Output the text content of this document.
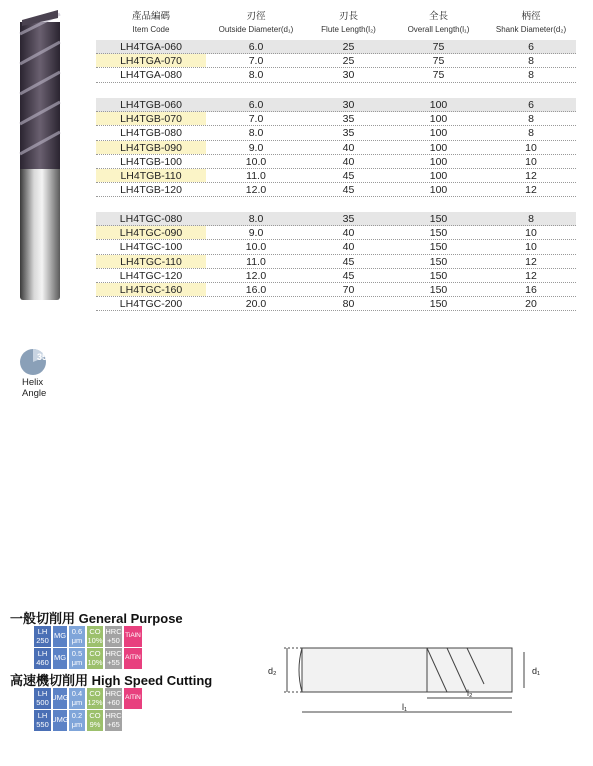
產品編碼	刃徑	刃長	全長	柄徑
Item Code	Outside Diameter(d₁)	Flute Length(l₂)	Overall Length(l₁)	Shank Diameter(d₂)
LH4TGA-060	6.0	25	75	6
LH4TGA-070	7.0	25	75	8
LH4TGA-080	8.0	30	75	8
LH4TGB-060	6.0	30	100	6
LH4TGB-070	7.0	35	100	8
LH4TGB-080	8.0	35	100	8
LH4TGB-090	9.0	40	100	10
LH4TGB-100	10.0	40	100	10
LH4TGB-110	11.0	45	100	12
LH4TGB-120	12.0	45	100	12
LH4TGC-080	8.0	35	150	8
LH4TGC-090	9.0	40	150	10
LH4TGC-100	10.0	40	150	10
LH4TGC-110	11.0	45	150	12
LH4TGC-120	12.0	45	150	12
LH4TGC-160	16.0	70	150	16
LH4TGC-200	20.0	80	150	20
35°
Helix
Angle
一般切削用 General Purpose
LH
250 MG 0.6
μm
CO
10%
HRC
+50 TiAlN
LH
460 MG 0.5
μm
CO
10%
HRC
+55 AlTiN
高速機切削用 High Speed Cutting
LH
500 UMG 0.4
μm
CO
12%
HRC
+60 AlTiN
LH
550 UMG 0.2
μm
CO
9%
HRC
+65
d₂	d₁
l₂
l₁
